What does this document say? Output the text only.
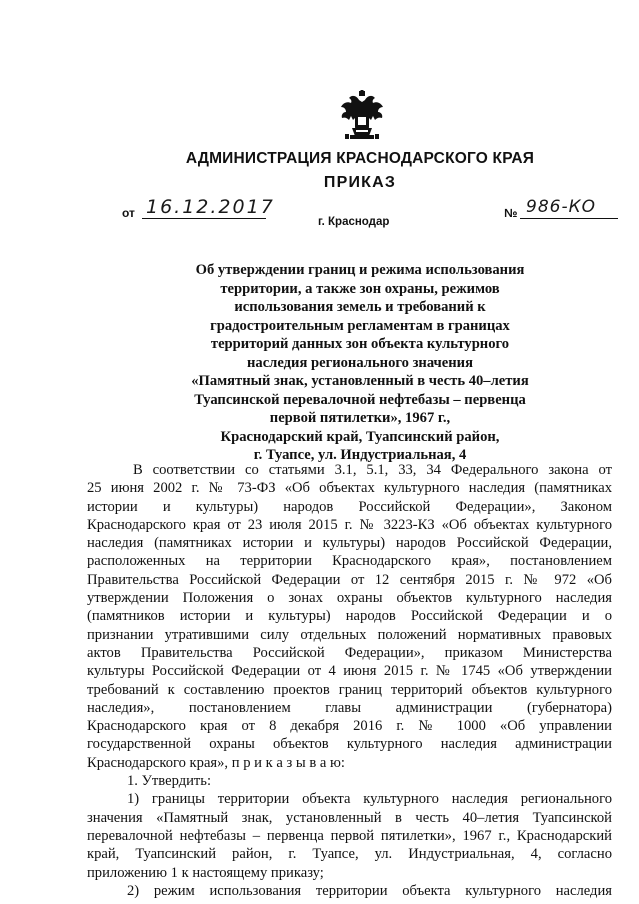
АДМИНИСТРАЦИЯ КРАСНОДАРСКОГО КРАЯ
ПРИКАЗ
от 16.12.2017
г. Краснодар
№ 986-КО
Об утверждении границ и режима использования
территории, а также зон охраны, режимов
использования земель и требований к
градостроительным регламентам в границах
территорий данных зон объекта культурного
наследия регионального значения
«Памятный знак, установленный в честь 40–летия
Туапсинской перевалочной нефтебазы – первенца
первой пятилетки», 1967 г.,
Краснодарский край, Туапсинский район,
г. Туапсе, ул. Индустриальная, 4
В соответствии со статьями 3.1, 5.1, 33, 34 Федерального закона от
25 июня 2002 г. № 73-ФЗ «Об объектах культурного наследия (памятниках
истории и культуры) народов Российской Федерации», Законом
Краснодарского края от 23 июля 2015 г. № 3223-КЗ «Об объектах культурного
наследия (памятниках истории и культуры) народов Российской Федерации,
расположенных на территории Краснодарского края», постановлением
Правительства Российской Федерации от 12 сентября 2015 г. № 972 «Об
утверждении Положения о зонах охраны объектов культурного наследия
(памятников истории и культуры) народов Российской Федерации и о
признании утратившими силу отдельных положений нормативных правовых
актов Правительства Российской Федерации», приказом Министерства
культуры Российской Федерации от 4 июня 2015 г. № 1745 «Об утверждении
требований к составлению проектов границ территорий объектов культурного
наследия», постановлением главы администрации (губернатора)
Краснодарского края от 8 декабря 2016 г. № 1000 «Об управлении
государственной охраны объектов культурного наследия администрации
Краснодарского края», п р и к а з ы в а ю:
1. Утвердить:
1) границы территории объекта культурного наследия регионального
значения «Памятный знак, установленный в честь 40–летия Туапсинской
перевалочной нефтебазы – первенца первой пятилетки», 1967 г., Краснодарский
край, Туапсинский район, г. Туапсе, ул. Индустриальная, 4, согласно
приложению 1 к настоящему приказу;
2) режим использования территории объекта культурного наследия
